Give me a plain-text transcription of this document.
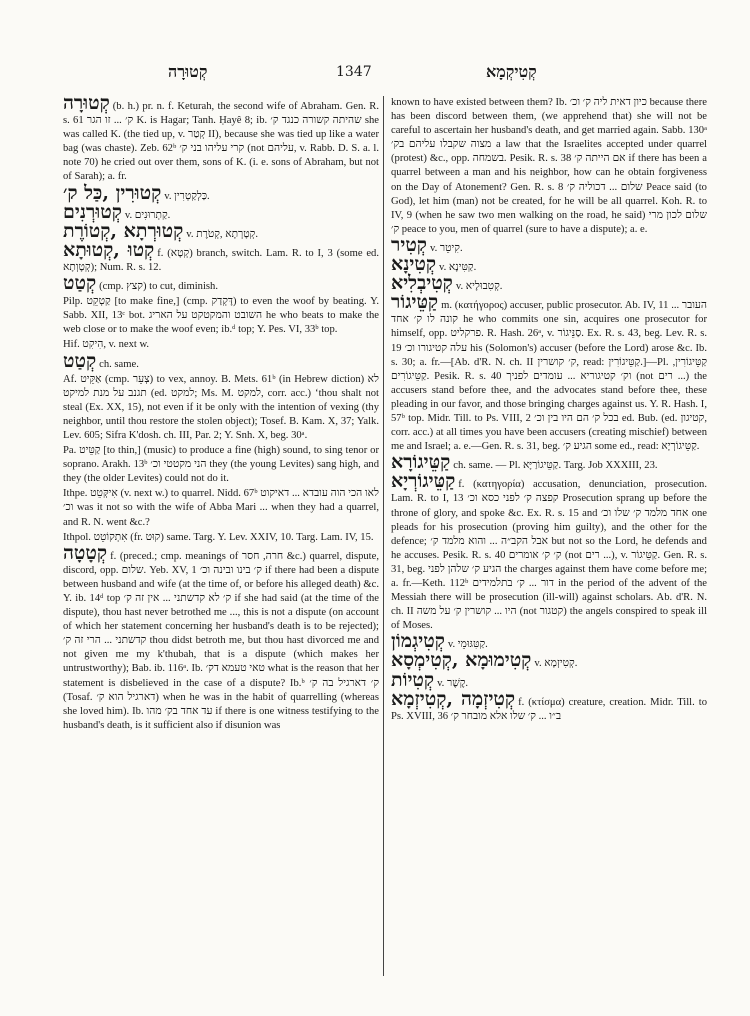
קְטוּרָה	1347	קְטִיקְמָא

קְטוּרָה (b. h.) pr. n. f. Keturah, the second wife of Abraham. Gen. R. s. 61 ק׳ ... זו הגר K. is Hagar; Tanh. Ḥayê 8; ib. שהיתה קשורה כנגד ק׳ she was called K. (the tied up, v. קְטַר II), because she was tied up like a water bag (was chaste). Zeb. 62ᵇ קרי עליהו בני ק׳ (not עליהם, v. Rabb. D. S. a. l. note 70) he cried out over them, sons of K. (i. e. sons of Abraham, but not of Sarah); a. fr.

קְטוּרִין ,כַּל ק׳ v. כַּלְקַטְרִין.

קְטוּרְנִים v. קַתְרוּנִים.

קְטוּרְתָא ,קְטוֹרֶת v. קְטָרְתָא ,קְטֹרֶת.

קְטוּ ,קְטוּתָא f. (קְטָא) branch, switch. Lam. R. to I, 3 (some ed. קְטָוְתָא); Num. R. s. 12.

קְטַט (cmp. קצץ) to cut, diminish.

Pilp. קַטְקֵט [to make fine,] (cmp. דָּקְדַק) to even the woof by beating. Y. Sabb. XII, 13ᶜ bot. השובט והמקטקט על האריג he who beats to make the web close or to make the woof even; ib.ᵈ top; Y. Pes. VI, 33ᵇ top.

Hif. הִיקִט, v. next w.

קְטַט ch. same.

Af. אַקֵּיט (cmp. צְעֵר) to vex, annoy. B. Mets. 61ᵇ (in Hebrew diction) לא תגנב על מנת למיקט (ed. למקט; Ms. M. למקט, corr. acc.) ‘thou shalt not steal (Ex. XX, 15), not even if it be only with the intention of vexing (thy neighbor, until thou restore the stolen object); Tosef. B. Kam. X, 37; Yalk. Lev. 605; Sifra K'dosh. ch. III, Par. 2; Y. Snh. X, beg. 30ᵃ.

Pa. קַטֵּיט [to thin,] (music) to produce a fine (high) sound, to sing tenor or soprano. Arakh. 13ᵇ הני מקטטי וכ׳ they (the young Levites) sang high, and they (the older Levites) could not do it.

Ithpe. אִיקְּטֵט (v. next w.) to quarrel. Nidd. 67ᵇ לאו הכי הוה עובדא ... דאיקוט וכ׳ was it not so with the wife of Abba Mari ... when they had a quarrel, and R. N. went &c.?

Ithpol. אִתְקוֹטֵט (fr. קוּט) same. Targ. Y. Lev. XXIV, 10. Targ. Lam. IV, 15.

קְטָטָה f. (preced.; cmp. meanings of חרה, חסר &c.) quarrel, dispute, discord, opp. שלום. Yeb. XV, 1 ק׳ בינו ובינה וכ׳ if there had been a dispute between husband and wife (at the time of, or before his alleged death) &c. Y. ib. 14ᵈ top ק׳ לא קדשתני ... אין זה ק׳ if she had said (at the time of the dispute), thou hast never betrothed me ..., this is not a dispute (on account of which her statement concerning her husband's death is to be rejected); קדשתני ... הרי זה ק׳ thou didst betroth me, but thou hast divorced me and not given me my k'thubah, that is a dispute (which makes her untrustworthy); Bab. ib. 116ᵃ. Ib. טאי טעמא דק׳ what is the reason that her statement is disbelieved in the case of a dispute? Ib.ᵇ ק׳ דארגיל בה ק׳ (Tosaf. דארגיל הוא ק׳) when he was in the habit of quarrelling (whereas she loved him). Ib. עד אחד בק׳ מהו if there is one witness testifying to the husband's death, is it sufficient also if disunion was

known to have existed between them? Ib. כיון דאית ליה ק׳ וכ׳ because there has been discord between them, (we apprehend that) she will not be careful to ascertain her husband's death, and get married again. Sabb. 130ᵃ מצוה שקבלו עליהם בק׳ a law that the Israelites accepted under quarrel (protest) &c., opp. בשמחה. Pesik. R. s. 38 אם הייתה ק׳ if there has been a quarrel between a man and his neighbor, how can he obtain forgiveness on the Day of Atonement? Gen. R. s. 8 שלום ... דכוליה ק׳ Peace said (to God), let him (man) not be created, for he will be all quarrel. Koh. R. to IV, 9 (when he saw two men walking on the road, he said) שלום לכון מרי ק׳ peace to you, men of quarrel (sure to have a dispute); a. e.

קְטִיר v. קִיטֵר.

קְטִינָא v. קַטִּינָא.

קְטִיבְלִיא v. קְטִבוּלָיא.

קַטֵּיגוֹר m. (κατήγορος) accuser, public prosecutor. Ab. IV, 11 העובר ... קונה לו ק׳ אחד he who commits one sin, acquires one prosecutor for himself, opp. פרקליט. R. Hash. 26ᵃ, v. סַנֵּיגוֹר. Ex. R. s. 43, beg. Lev. R. s. 19 עלה קטיגורו וכ׳ his (Solomon's) accuser (before the Lord) arose &c. Ib. s. 30; a. fr.—[Ab. d'R. N. ch. II ק׳ קושרין, read: קַטֵּיגוֹרִין.]—Pl. קַטֵּיגוֹרִין, קַטֵּיגוֹרִים. Pesik. R. s. 40 וק׳ קטיגוריא ... עומדים לפניך (not רים ...) the accusers stand before thee, and the advocates stand before thee, these pleading in our favor, and those bringing charges against us. Y. R. Hash. I, 57ᵇ top. Midr. Till. to Ps. VIII, 2 בכל ק׳ הם היו בין וכ׳ ed. Bub. (ed. קטיגון, corr. acc.) at all times you have been accusers (creating mischief) between me and Israel; a. e.—Gen. R. s. 31, beg. הגיע ק׳ some ed., read: קַטֵּיגוֹרְיָא.

קַטֵּיגוֹרָא ch. same. — Pl. קַטֵּיגוֹרַיָּא. Targ. Job XXXIII, 23.

קַטֵּיגוֹרְיָא f. (κατηγορία) accusation, denunciation, prosecution. Lam. R. to I, 13 קפצה ק׳ לפני כסא וכ׳ Prosecution sprang up before the throne of glory, and spoke &c. Ex. R. s. 15 and אחד מלמד ק׳ שלו וכ׳ one pleads for his prosecution (proving him guilty), and the other for the defence; אבל הקב״ה ... והוא מלמד ק׳ but not so the Lord, he defends and he accuses. Pesik. R. s. 40 ק׳ ק׳ אומרים (not רים ...), v. קַטֵּיגוֹר. Gen. R. s. 31, beg. הגיע ק׳ שלהן לפני the charges against them have come before me; a. fr.—Keth. 112ᵇ דור ... ק׳ בתלמידים in the period of the advent of the Messiah there will be prosecution (ill-will) against scholars. Ab. d'R. N. ch. II היו ... קושרין ק׳ על משה (not קטגור) the angels conspired to speak ill of Moses.

קְטִיגְמוֹן v. קַטִּגּוּמֵי.

קְטִימוּמָא ,קְטִימְסָא v. קְטִיזְמָא.

קְטִיוֹת v. קֶשֶׁר.

קְטִיזְמָה ,קְטִיזְמָא f. (κτίσμα) creature, creation. Midr. Till. to Ps. XVIII, 36 ב״ו ... ק׳ שלו אלא מובחר ק׳
